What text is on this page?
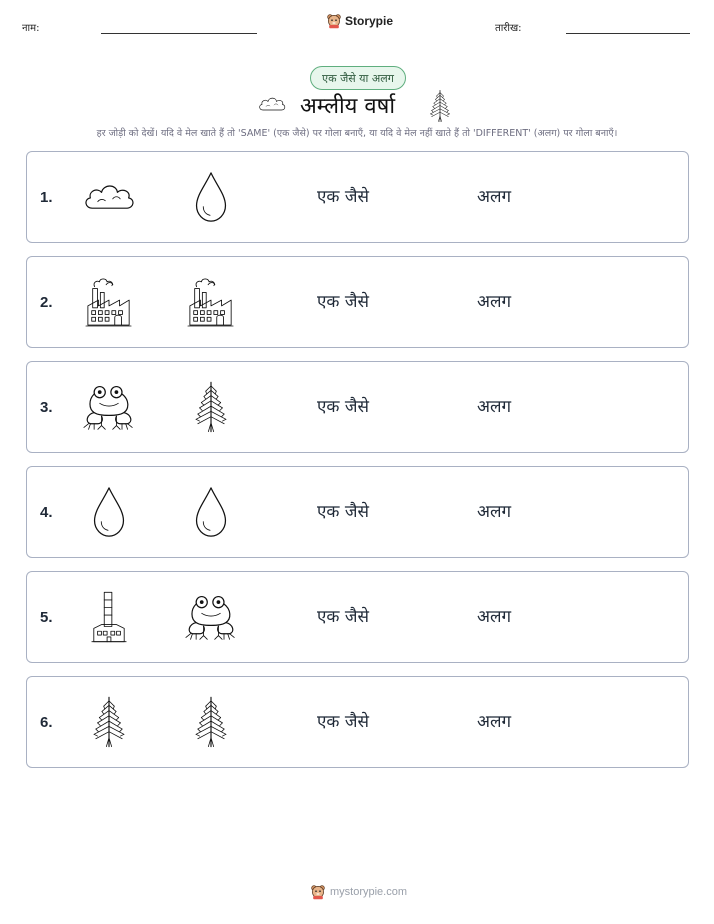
नाम:
Storypie
तारीख:
एक जैसे या अलग
अम्लीय वर्षा
हर जोड़ी को देखें। यदि वे मेल खाते हैं तो 'SAME' (एक जैसे) पर गोला बनाएँ, या यदि वे मेल नहीं खाते हैं तो 'DIFFERENT' (अलग) पर गोला बनाएँ।
1.	एक जैसे	अलग
2.	एक जैसे	अलग
3.	एक जैसे	अलग
4.	एक जैसे	अलग
5.	एक जैसे	अलग
6.	एक जैसे	अलग
mystorypie.com
